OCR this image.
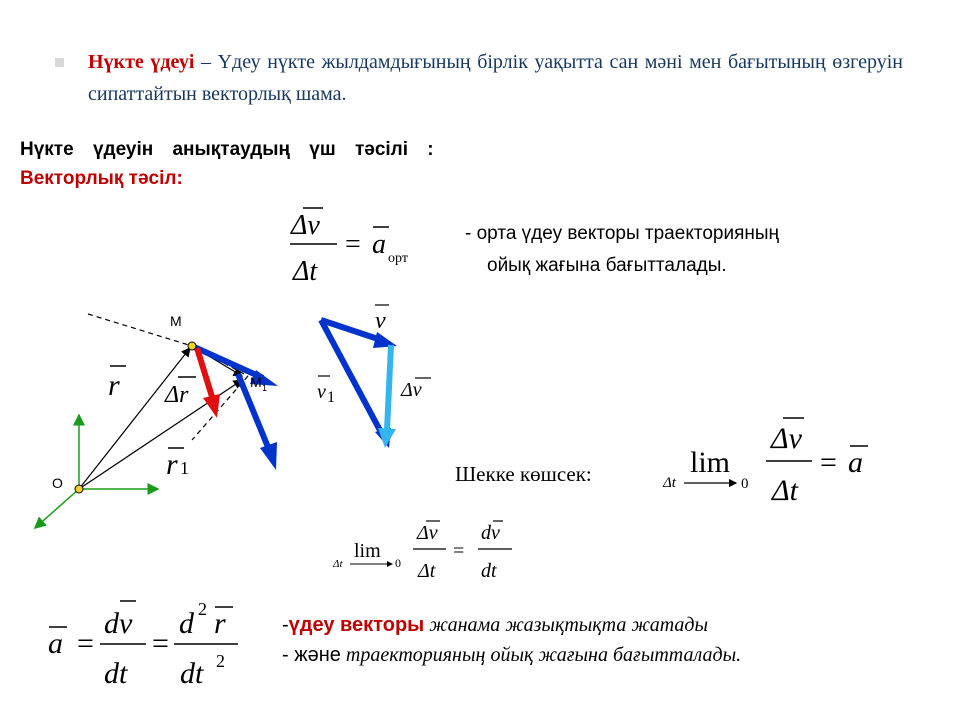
Нүкте үдеуі – Үдеу нүкте жылдамдығының бірлік уақытта сан мәні мен бағытының өзгеруін сипаттайтын векторлық шама.
Нүкте үдеуін анықтаудың үш тәсілі :
Векторлық тәсіл:
Δv
Δt
= a орт
- орта үдеу векторы траекторияның
ойық жағына бағытталады.
M
M 1
O
r Δr
r 1
v
v 1	Δv
Шекке көшсек:	lim
Δt	0
Δv
Δt
= a
lim
Δt	0
Δv
Δt
=
dv
dt
a =
dv
dt
=
d 2 r
dt 2
-үдеу векторы жанама жазықтықта жатады
- және траекторияның ойық жағына бағытталады.
